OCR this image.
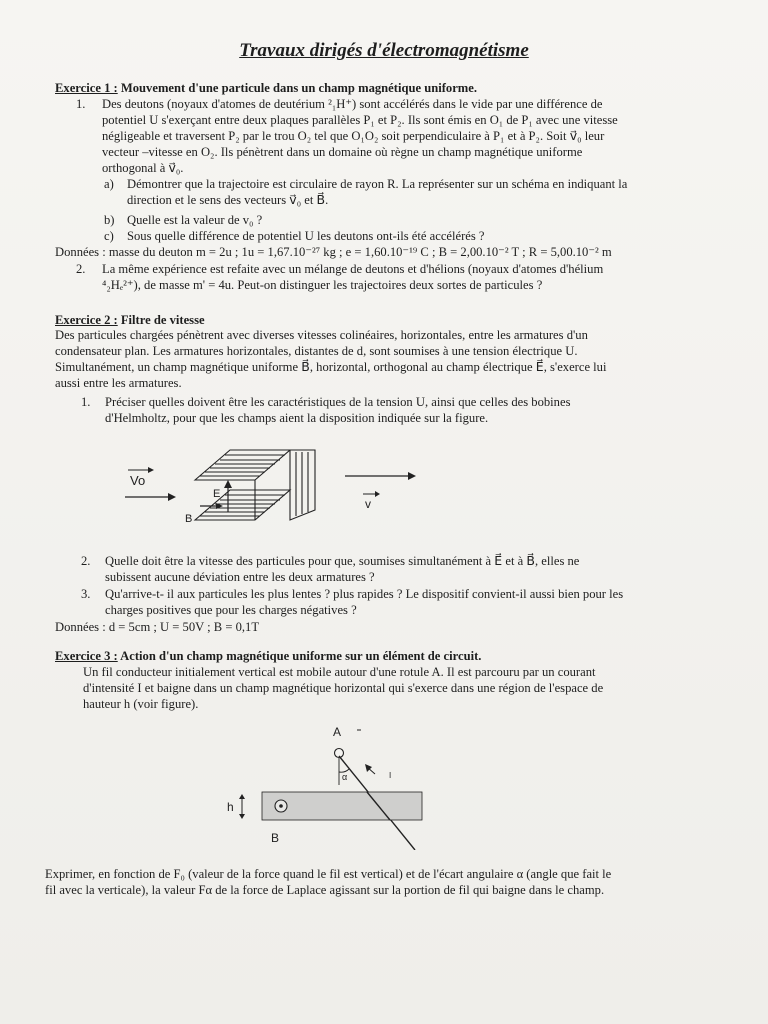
Travaux dirigés d'électromagnétisme
Exercice 1 : Mouvement d'une particule dans un champ magnétique uniforme.
1. Des deutons (noyaux d'atomes de deutérium ²₁H⁺) sont accélérés dans le vide par une différence de
potentiel U s'exerçant entre deux plaques parallèles P₁ et P₂. Ils sont émis en O₁ de P₁ avec une vitesse
négligeable et traversent P₂ par le trou O₂ tel que O₁O₂ soit perpendiculaire à P₁ et à P₂. Soit v⃗₀ leur
vecteur –vitesse en O₂. Ils pénètrent dans un domaine où règne un champ magnétique uniforme
orthogonal à v⃗₀.
a) Démontrer que la trajectoire est circulaire de rayon R. La représenter sur un schéma en indiquant la
direction et le sens des vecteurs v⃗₀ et B⃗.
b) Quelle est la valeur de v₀ ?
c) Sous quelle différence de potentiel U les deutons ont-ils été accélérés ?
Données : masse du deuton m = 2u ; 1u = 1,67.10⁻²⁷ kg ; e = 1,60.10⁻¹⁹ C ; B = 2,00.10⁻² T ; R = 5,00.10⁻² m
2. La même expérience est refaite avec un mélange de deutons et d'hélions (noyaux d'atomes d'hélium
⁴₂Hₑ²⁺), de masse m' = 4u. Peut-on distinguer les trajectoires deux sortes de particules ?
Exercice 2 : Filtre de vitesse
Des particules chargées pénètrent avec diverses vitesses colinéaires, horizontales, entre les armatures d'un
condensateur plan. Les armatures horizontales, distantes de d, sont soumises à une tension électrique U.
Simultanément, un champ magnétique uniforme B⃗, horizontal, orthogonal au champ électrique E⃗, s'exerce lui
aussi entre les armatures.
1. Préciser quelles doivent être les caractéristiques de la tension U, ainsi que celles des bobines
d'Helmholtz, pour que les champs aient la disposition indiquée sur la figure.
Vo
E
B
v
2. Quelle doit être la vitesse des particules pour que, soumises simultanément à E⃗ et à B⃗, elles ne
subissent aucune déviation entre les deux armatures ?
3. Qu'arrive-t- il aux particules les plus lentes ? plus rapides ? Le dispositif convient-il aussi bien pour les
charges positives que pour les charges négatives ?
Données : d = 5cm ; U = 50V ; B = 0,1T
Exercice 3 : Action d'un champ magnétique uniforme sur un élément de circuit.
Un fil conducteur initialement vertical est mobile autour d'une rotule A. Il est parcouru par un courant
d'intensité I et baigne dans un champ magnétique horizontal qui s'exerce dans une région de l'espace de
hauteur h (voir figure).
A
α	I
h
B
Exprimer, en fonction de F₀ (valeur de la force quand le fil est vertical) et de l'écart angulaire α (angle que fait le
fil avec la verticale), la valeur Fα de la force de Laplace agissant sur la portion de fil qui baigne dans le champ.
